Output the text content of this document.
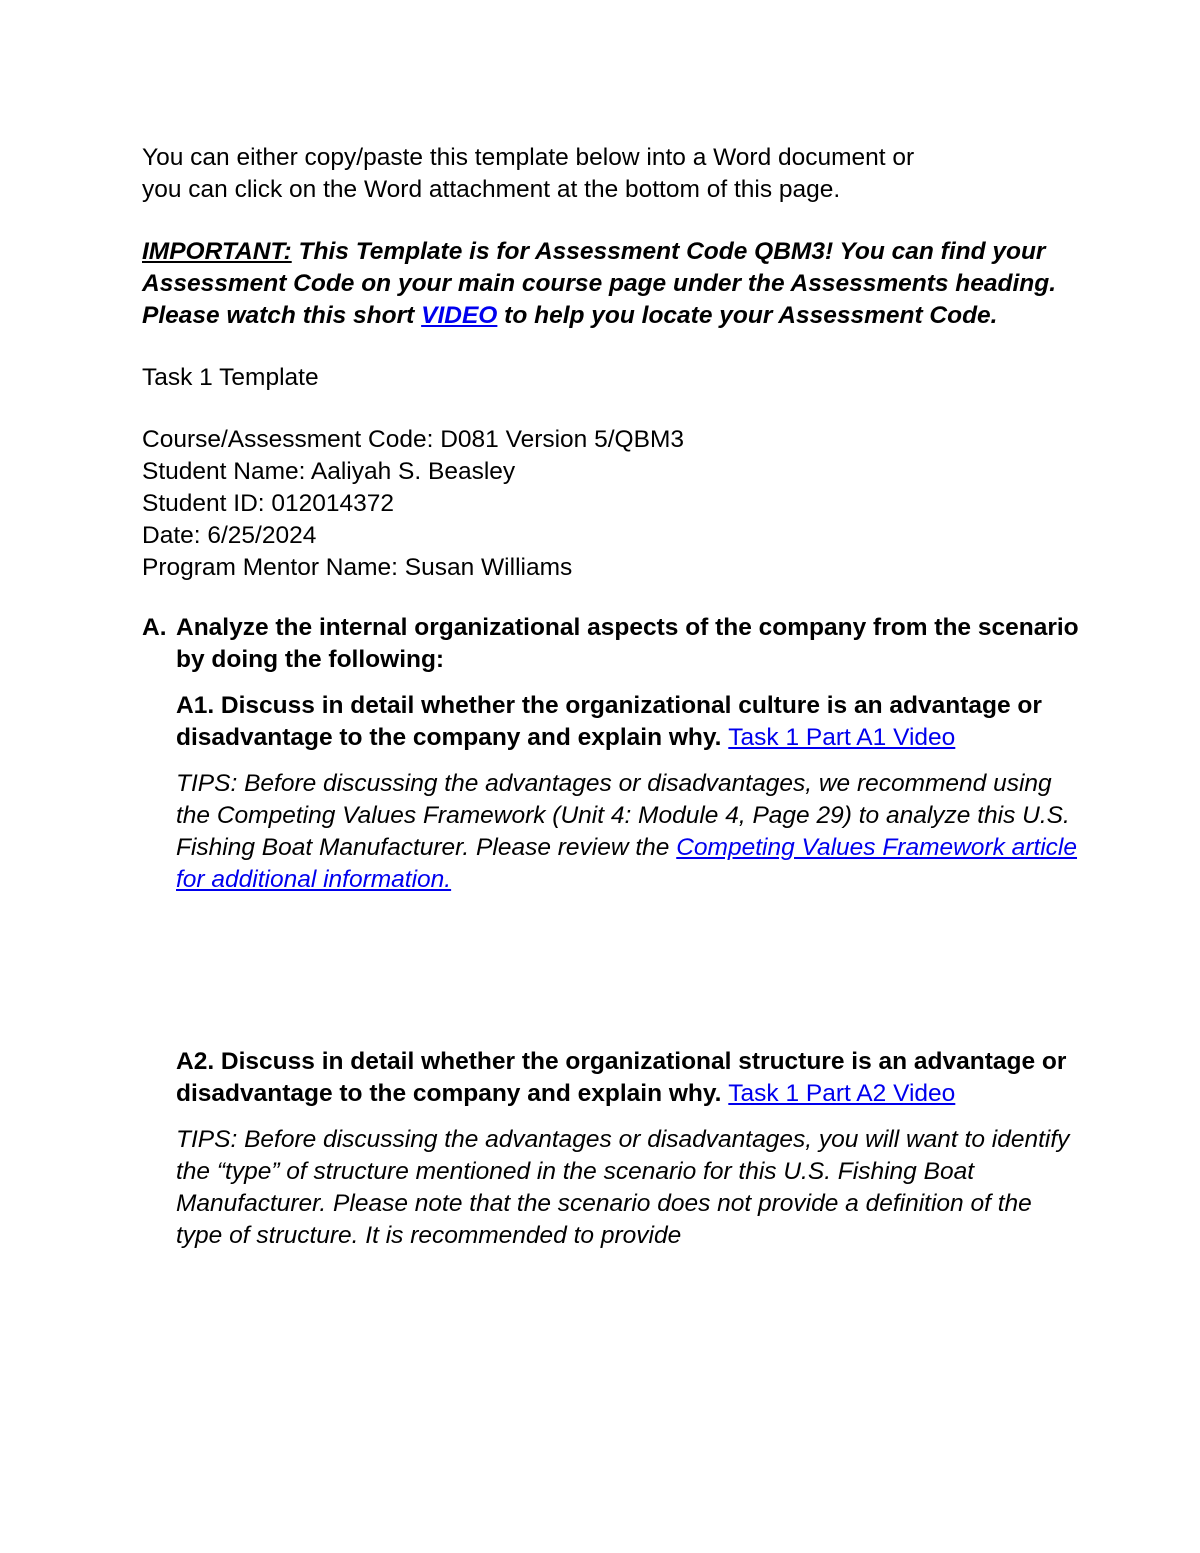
You can either copy/paste this template below into a Word document or
you can click on the Word attachment at the bottom of this page.

IMPORTANT: This Template is for Assessment Code QBM3! You can find your Assessment Code on your main course page under the Assessments heading. Please watch this short VIDEO to help you locate your Assessment Code.

Task 1 Template

Course/Assessment Code: D081 Version 5/QBM3

Student Name: Aaliyah S. Beasley

Student ID: 012014372

Date: 6/25/2024

Program Mentor Name: Susan Williams

A. Analyze the internal organizational aspects of the company from the scenario by doing the following:

A1. Discuss in detail whether the organizational culture is an advantage or disadvantage to the company and explain why. Task 1 Part A1 Video

TIPS: Before discussing the advantages or disadvantages, we recommend using the Competing Values Framework (Unit 4: Module 4, Page 29) to analyze this U.S. Fishing Boat Manufacturer. Please review the Competing Values Framework article for additional information.

A2. Discuss in detail whether the organizational structure is an advantage or disadvantage to the company and explain why. Task 1 Part A2 Video

TIPS: Before discussing the advantages or disadvantages, you will want to identify the “type” of structure mentioned in the scenario for this U.S. Fishing Boat Manufacturer. Please note that the scenario does not provide a definition of the type of structure. It is recommended to provide
